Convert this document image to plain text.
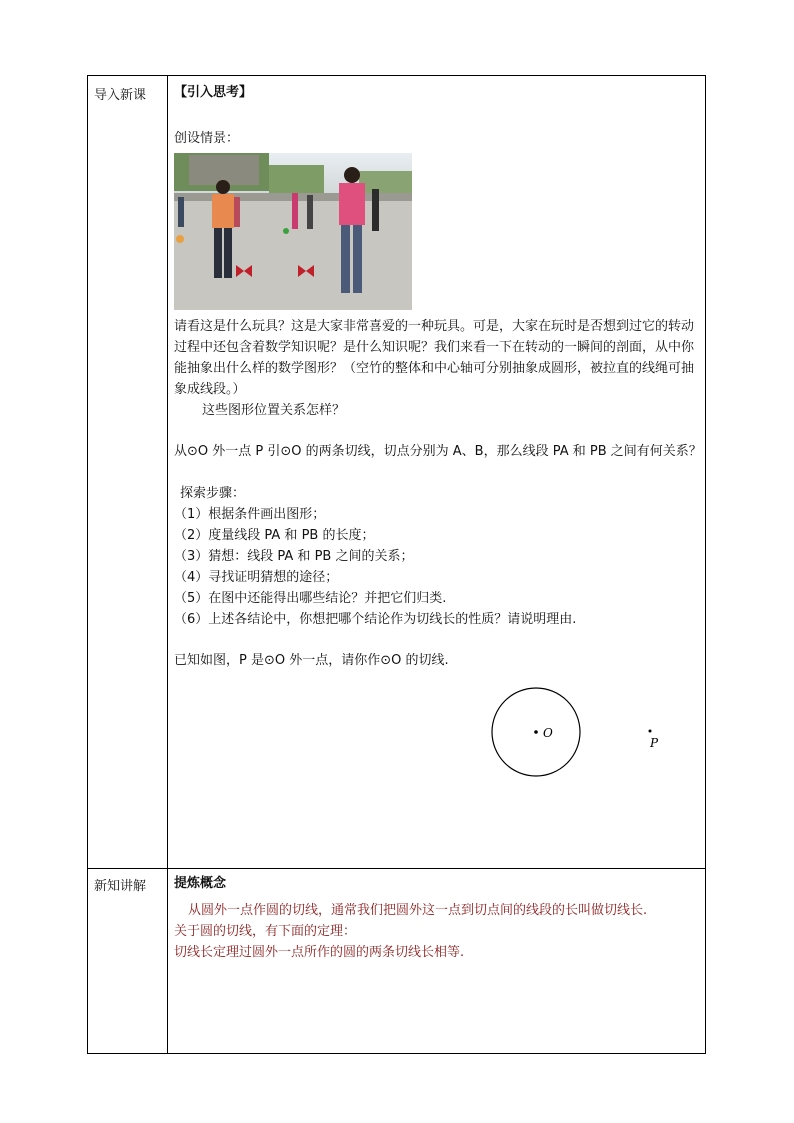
导入新课 【引入思考】
新知讲解 提炼概念
创设情景：
请看这是什么玩具？这是大家非常喜爱的一种玩具。可是，大家在玩时是否想到过它的转动过程中还包含着数学知识呢？是什么知识呢？我们来看一下在转动的一瞬间的剖面，从中你能抽象出什么样的数学图形？（空竹的整体和中心轴可分别抽象成圆形，被拉直的线绳可抽象成线段。）
这些图形位置关系怎样？
从⊙O 外一点 P 引⊙O 的两条切线，切点分别为 A、B，那么线段 PA 和 PB 之间有何关系？
探索步骤：
（1）根据条件画出图形；
（2）度量线段 PA 和 PB 的长度；
（3）猜想：线段 PA 和 PB 之间的关系；
（4）寻找证明猜想的途径；
（5）在图中还能得出哪些结论？并把它们归类.
（6）上述各结论中，你想把哪个结论作为切线长的性质？请说明理由.
已知如图，P 是⊙O 外一点，请你作⊙O 的切线.
O
P
从圆外一点作圆的切线，通常我们把圆外这一点到切点间的线段的长叫做切线长.
关于圆的切线，有下面的定理：
切线长定理过圆外一点所作的圆的两条切线长相等.
